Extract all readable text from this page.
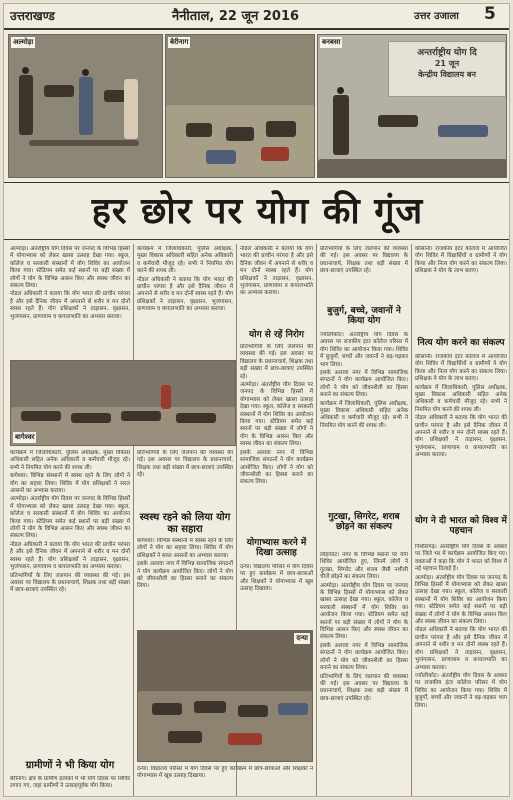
उत्तराखण्ड	नैनीताल, 22 जून 2016	उत्तर उजाला 5
अल्मोड़ा	बेरीनाग
अन्तर्राष्ट्रीय योग दि
21 जून
केन्द्रीय विद्यालय बन
बनबसा
हर छोर पर योग की गूंज

अल्मोड़ा। अंतर्राष्ट्रीय योग दिवस पर जनपद के विभिन्न हिस्सों में योगाभ्यास को लेकर खासा उत्साह देखा गया। स्कूल, कॉलेज व सरकारी संस्थानों में योग शिविर का आयोजन किया गया। स्टेडियम समेत कई स्थानों पर बड़ी संख्या में लोगों ने योग के विभिन्न आसन किए और स्वस्थ जीवन का संकल्प लिया।

नोडल अधिकारी ने बताया कि योग भारत की प्राचीन परंपरा है और इसे दैनिक जीवन में अपनाने से शरीर व मन दोनों स्वस्थ रहते हैं। योग प्रशिक्षकों ने ताड़ासन, वृक्षासन, भुजंगासन, प्राणायाम व कपालभाति का अभ्यास कराया।

बागेश्वर

कार्यक्रम में जिलाधिकारी, पुलिस अधीक्षक, मुख्य विकास अधिकारी सहित अनेक अधिकारी व कर्मचारी मौजूद रहे। सभी ने नियमित योग करने की शपथ ली।

बागेश्वर। विभिन्न संस्थानों में स्वस्थ रहने के लिए लोगों ने योग का सहारा लिया। शिविर में योग प्रशिक्षकों ने सरल आसनों का अभ्यास कराया।

अल्मोड़ा। अंतर्राष्ट्रीय योग दिवस पर जनपद के विभिन्न हिस्सों में योगाभ्यास को लेकर खासा उत्साह देखा गया। स्कूल, कॉलेज व सरकारी संस्थानों में योग शिविर का आयोजन किया गया। स्टेडियम समेत कई स्थानों पर बड़ी संख्या में लोगों ने योग के विभिन्न आसन किए और स्वस्थ जीवन का संकल्प लिया।

नोडल अधिकारी ने बताया कि योग भारत की प्राचीन परंपरा है और इसे दैनिक जीवन में अपनाने से शरीर व मन दोनों स्वस्थ रहते हैं। योग प्रशिक्षकों ने ताड़ासन, वृक्षासन, भुजंगासन, प्राणायाम व कपालभाति का अभ्यास कराया।

प्रतिभागियों के लिए जलपान की व्यवस्था की गई। इस अवसर पर विद्यालय के प्रधानाचार्य, शिक्षक तथा बड़ी संख्या में छात्र-छात्राएं उपस्थित रहे।

ग्रामीणों ने भी किया योग

बेरीनाग। क्षेत्र के ग्रामीण इलाकों में भी योग दिवस पर शिविर लगाए गए, जहां ग्रामीणों ने उत्साहपूर्वक योग किया।

कार्यक्रम में जिलाधिकारी, पुलिस अधीक्षक, मुख्य विकास अधिकारी सहित अनेक अधिकारी व कर्मचारी मौजूद रहे। सभी ने नियमित योग करने की शपथ ली।

नोडल अधिकारी ने बताया कि योग भारत की प्राचीन परंपरा है और इसे दैनिक जीवन में अपनाने से शरीर व मन दोनों स्वस्थ रहते हैं। योग प्रशिक्षकों ने ताड़ासन, वृक्षासन, भुजंगासन, प्राणायाम व कपालभाति का अभ्यास कराया।

प्रतिभागियों के लिए जलपान की व्यवस्था की गई। इस अवसर पर विद्यालय के प्रधानाचार्य, शिक्षक तथा बड़ी संख्या में छात्र-छात्राएं उपस्थित रहे।

स्वस्थ रहने को लिया योग का सहारा

बागेश्वर। विभिन्न संस्थानों में स्वस्थ रहने के लिए लोगों ने योग का सहारा लिया। शिविर में योग प्रशिक्षकों ने सरल आसनों का अभ्यास कराया।

इसके अलावा नगर में विभिन्न सामाजिक संगठनों ने योग कार्यक्रम आयोजित किए। लोगों ने योग को जीवनशैली का हिस्सा बनाने का संकल्प लिया।

नोडल अधिकारी ने बताया कि योग भारत की प्राचीन परंपरा है और इसे दैनिक जीवन में अपनाने से शरीर व मन दोनों स्वस्थ रहते हैं। योग प्रशिक्षकों ने ताड़ासन, वृक्षासन, भुजंगासन, प्राणायाम व कपालभाति का अभ्यास कराया।

योग से रहें निरोग

प्रतिभागियों के लिए जलपान की व्यवस्था की गई। इस अवसर पर विद्यालय के प्रधानाचार्य, शिक्षक तथा बड़ी संख्या में छात्र-छात्राएं उपस्थित रहे।

अल्मोड़ा। अंतर्राष्ट्रीय योग दिवस पर जनपद के विभिन्न हिस्सों में योगाभ्यास को लेकर खासा उत्साह देखा गया। स्कूल, कॉलेज व सरकारी संस्थानों में योग शिविर का आयोजन किया गया। स्टेडियम समेत कई स्थानों पर बड़ी संख्या में लोगों ने योग के विभिन्न आसन किए और स्वस्थ जीवन का संकल्प लिया।

इसके अलावा नगर में विभिन्न सामाजिक संगठनों ने योग कार्यक्रम आयोजित किए। लोगों ने योग को जीवनशैली का हिस्सा बनाने का संकल्प लिया।

योगाभ्यास करने में दिखा उत्साह

दन्या। विद्यालय परिसर में योग दिवस पर हुए कार्यक्रम में छात्र-छात्राओं और शिक्षकों ने योगाभ्यास में खूब उत्साह दिखाया।

दन्या

दन्या। विद्यालय परिसर में योग दिवस पर हुए कार्यक्रम में छात्र-छात्राओं और शिक्षकों ने योगाभ्यास में खूब उत्साह दिखाया।

प्रतिभागियों के लिए जलपान की व्यवस्था की गई। इस अवसर पर विद्यालय के प्रधानाचार्य, शिक्षक तथा बड़ी संख्या में छात्र-छात्राएं उपस्थित रहे।

बुजुर्ग, बच्चे, जवानों ने किया योग

ज्योलीकोट। अंतर्राष्ट्रीय योग दिवस के अवसर पर राजकीय इंटर कॉलेज परिसर में योग शिविर का आयोजन किया गया। शिविर में बुजुर्गों, बच्चों और जवानों ने बढ़-चढ़कर भाग लिया।

इसके अलावा नगर में विभिन्न सामाजिक संगठनों ने योग कार्यक्रम आयोजित किए। लोगों ने योग को जीवनशैली का हिस्सा बनाने का संकल्प लिया।

कार्यक्रम में जिलाधिकारी, पुलिस अधीक्षक, मुख्य विकास अधिकारी सहित अनेक अधिकारी व कर्मचारी मौजूद रहे। सभी ने नियमित योग करने की शपथ ली।

गुटखा, सिगरेट, शराब छोड़ने का संकल्प

लोहाघाट। नगर के विभिन्न स्थानों पर योग शिविर आयोजित हुए, जिनमें लोगों ने गुटखा, सिगरेट और शराब जैसी नशीली चीजें छोड़ने का संकल्प लिया।

अल्मोड़ा। अंतर्राष्ट्रीय योग दिवस पर जनपद के विभिन्न हिस्सों में योगाभ्यास को लेकर खासा उत्साह देखा गया। स्कूल, कॉलेज व सरकारी संस्थानों में योग शिविर का आयोजन किया गया। स्टेडियम समेत कई स्थानों पर बड़ी संख्या में लोगों ने योग के विभिन्न आसन किए और स्वस्थ जीवन का संकल्प लिया।

इसके अलावा नगर में विभिन्न सामाजिक संगठनों ने योग कार्यक्रम आयोजित किए। लोगों ने योग को जीवनशैली का हिस्सा बनाने का संकल्प लिया।

प्रतिभागियों के लिए जलपान की व्यवस्था की गई। इस अवसर पर विद्यालय के प्रधानाचार्य, शिक्षक तथा बड़ी संख्या में छात्र-छात्राएं उपस्थित रहे।

कौसानी। राजकीय इंटर कॉलेज में आयोजित योग शिविर में विद्यार्थियों व ग्रामीणों ने योग किया और नित्य योग करने का संकल्प लिया। प्रशिक्षक ने योग के लाभ बताए।

नित्य योग करने का संकल्प

कौसानी। राजकीय इंटर कॉलेज में आयोजित योग शिविर में विद्यार्थियों व ग्रामीणों ने योग किया और नित्य योग करने का संकल्प लिया। प्रशिक्षक ने योग के लाभ बताए।

कार्यक्रम में जिलाधिकारी, पुलिस अधीक्षक, मुख्य विकास अधिकारी सहित अनेक अधिकारी व कर्मचारी मौजूद रहे। सभी ने नियमित योग करने की शपथ ली।

नोडल अधिकारी ने बताया कि योग भारत की प्राचीन परंपरा है और इसे दैनिक जीवन में अपनाने से शरीर व मन दोनों स्वस्थ रहते हैं। योग प्रशिक्षकों ने ताड़ासन, वृक्षासन, भुजंगासन, प्राणायाम व कपालभाति का अभ्यास कराया।

योग ने दी भारत को विश्व में पहचान

पिथौरागढ़। अंतर्राष्ट्रीय योग दिवस के अवसर पर जिले भर में कार्यक्रम आयोजित किए गए। वक्ताओं ने कहा कि योग ने भारत को विश्व में नई पहचान दिलाई है।

अल्मोड़ा। अंतर्राष्ट्रीय योग दिवस पर जनपद के विभिन्न हिस्सों में योगाभ्यास को लेकर खासा उत्साह देखा गया। स्कूल, कॉलेज व सरकारी संस्थानों में योग शिविर का आयोजन किया गया। स्टेडियम समेत कई स्थानों पर बड़ी संख्या में लोगों ने योग के विभिन्न आसन किए और स्वस्थ जीवन का संकल्प लिया।

नोडल अधिकारी ने बताया कि योग भारत की प्राचीन परंपरा है और इसे दैनिक जीवन में अपनाने से शरीर व मन दोनों स्वस्थ रहते हैं। योग प्रशिक्षकों ने ताड़ासन, वृक्षासन, भुजंगासन, प्राणायाम व कपालभाति का अभ्यास कराया।

ज्योलीकोट। अंतर्राष्ट्रीय योग दिवस के अवसर पर राजकीय इंटर कॉलेज परिसर में योग शिविर का आयोजन किया गया। शिविर में बुजुर्गों, बच्चों और जवानों ने बढ़-चढ़कर भाग लिया।
